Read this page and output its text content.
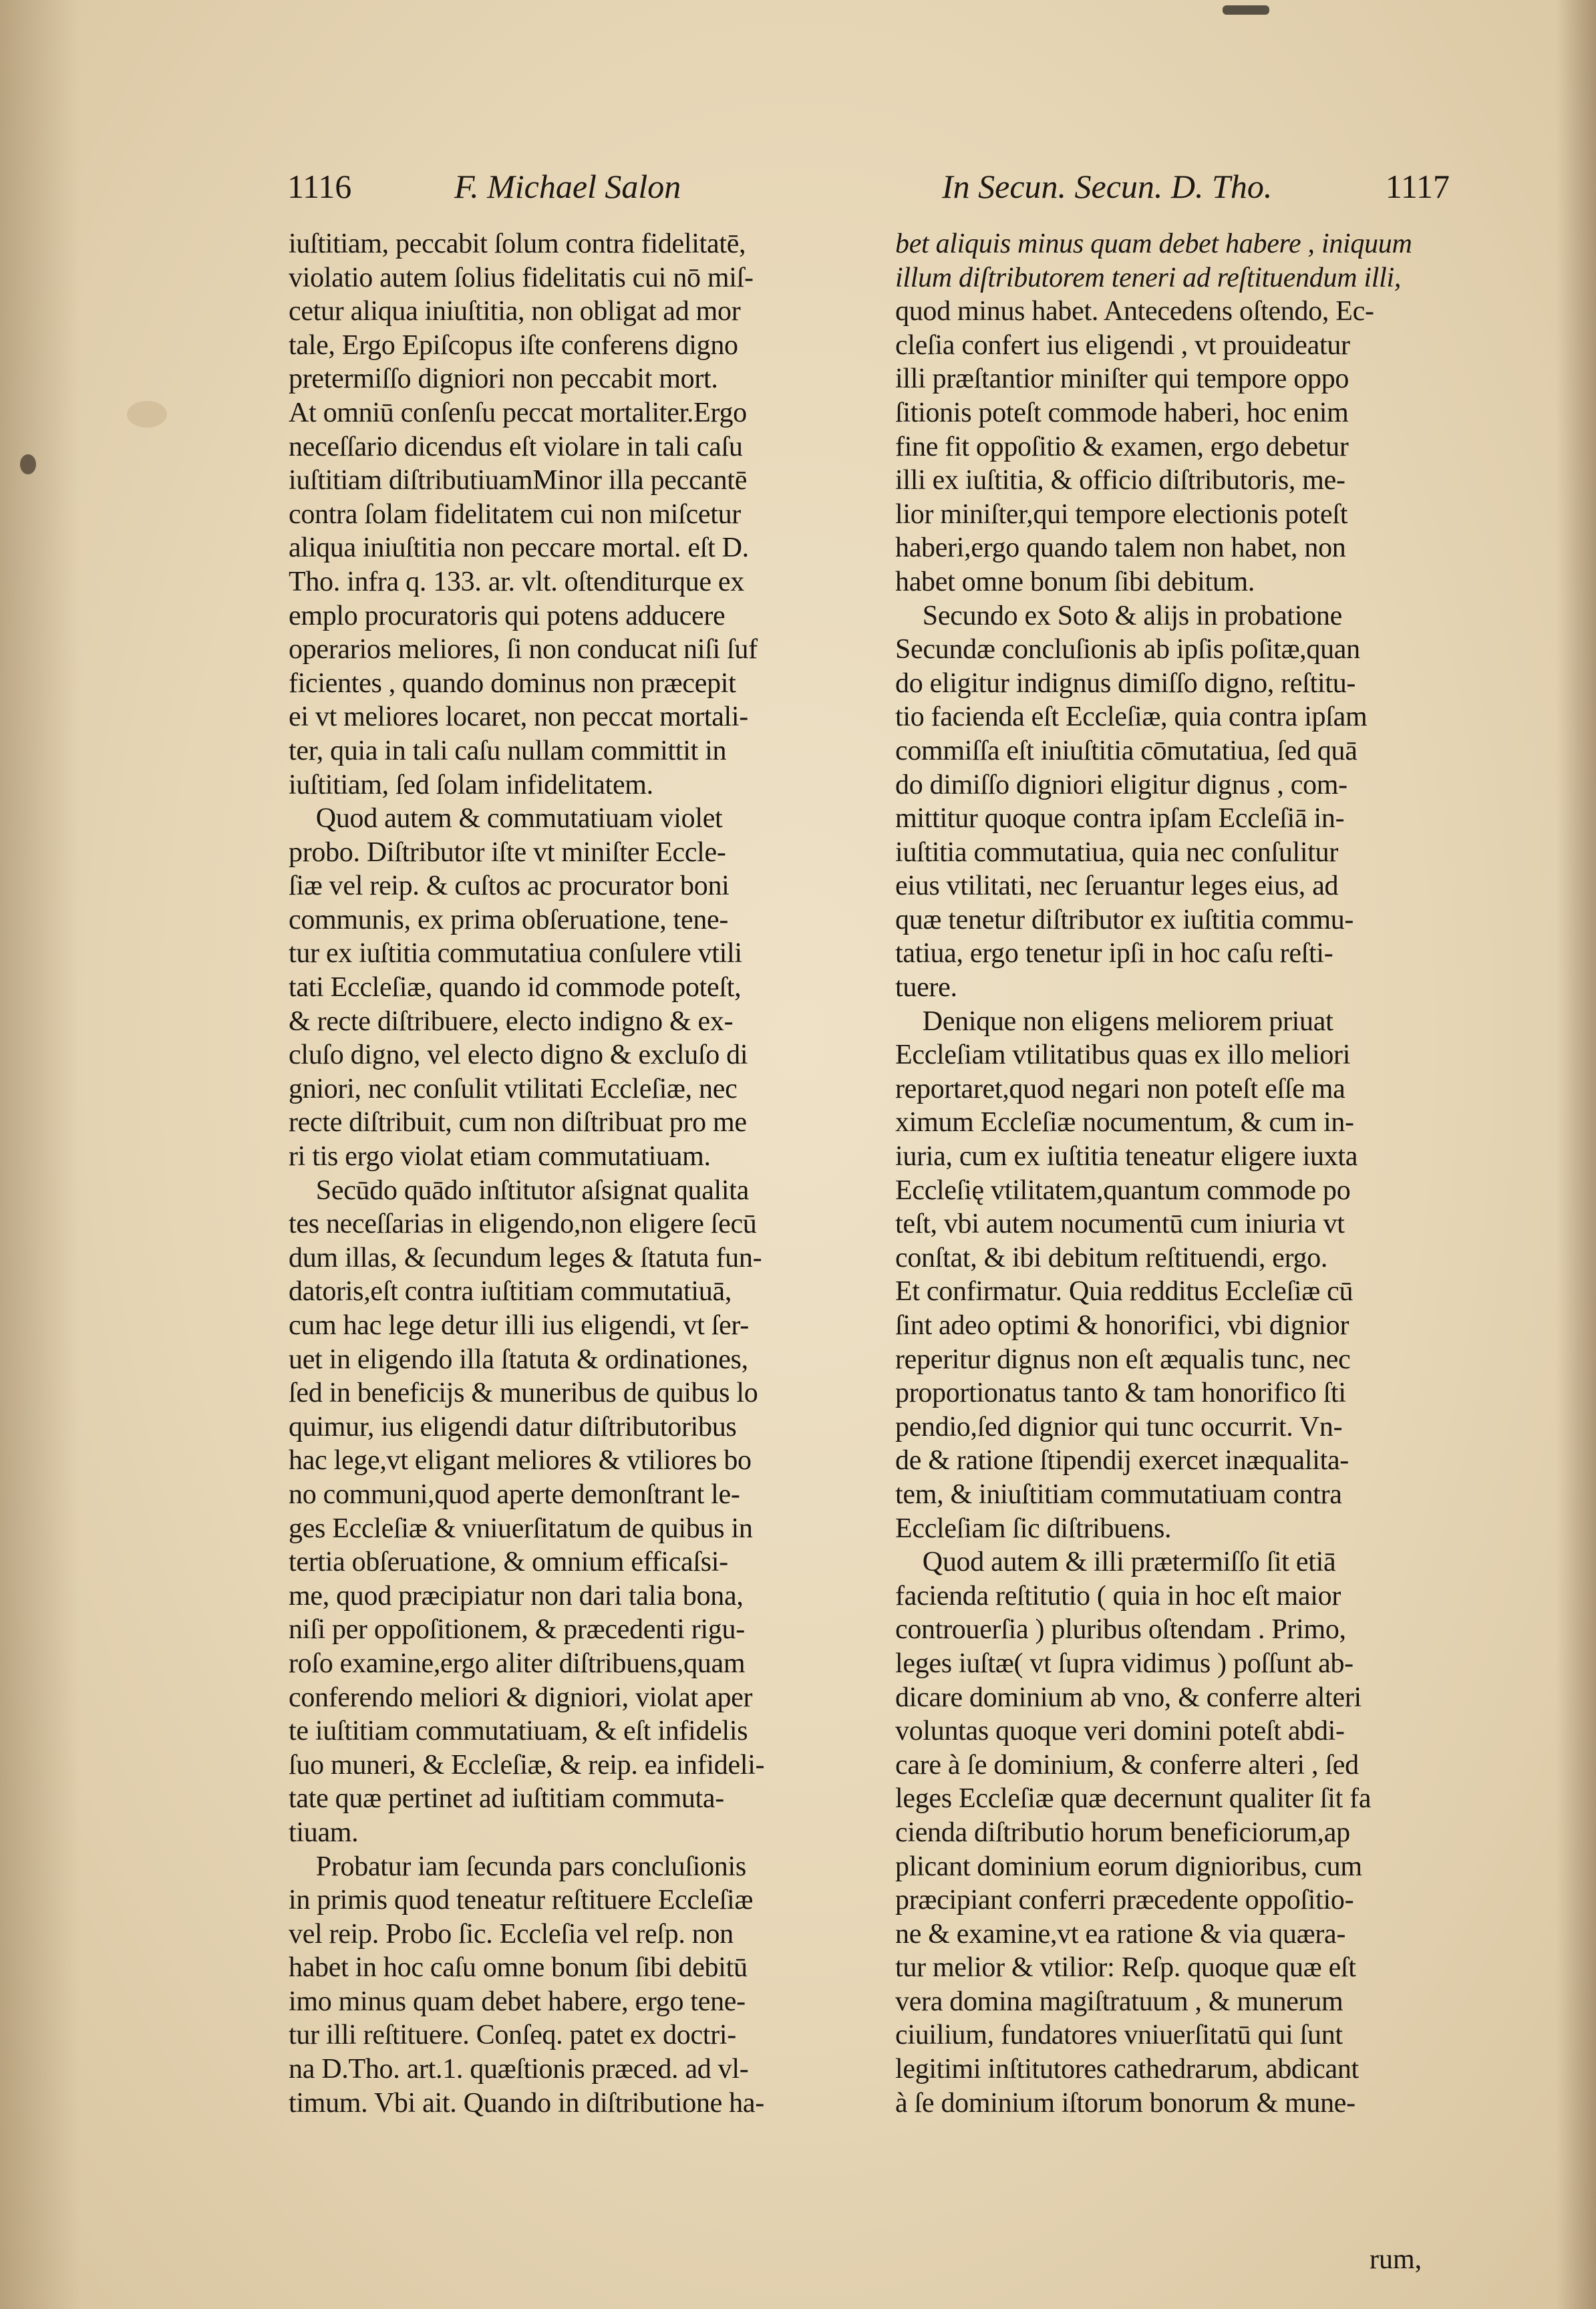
1116	F. Michael Salon	In Secun. Secun. D. Tho.	1117
iuſtitiam, peccabit ſolum contra fidelitatē,
violatio autem ſolius fidelitatis cui nō miſ-
cetur aliqua iniuſtitia, non obligat ad mor
tale, Ergo Epiſcopus iſte conferens digno
pretermiſſo digniori non peccabit mort.
At omniū conſenſu peccat mortaliter.Ergo
neceſſario dicendus eſt violare in tali caſu
iuſtitiam diſtributiuamMinor illa peccantē
contra ſolam fidelitatem cui non miſcetur
aliqua iniuſtitia non peccare mortal. eſt D.
Tho. infra q. 133. ar. vlt. oſtenditurque ex
emplo procuratoris qui potens adducere
operarios meliores, ſi non conducat niſi ſuf
ficientes , quando dominus non præcepit
ei vt meliores locaret, non peccat mortali-
ter, quia in tali caſu nullam committit in
iuſtitiam, ſed ſolam infidelitatem.
Quod autem & commutatiuam violet
probo. Diſtributor iſte vt miniſter Eccle-
ſiæ vel reip. & cuſtos ac procurator boni
communis, ex prima obſeruatione, tene-
tur ex iuſtitia commutatiua conſulere vtili
tati Eccleſiæ, quando id commode poteſt,
& recte diſtribuere, electo indigno & ex-
cluſo digno, vel electo digno & excluſo di
gniori, nec conſulit vtilitati Eccleſiæ, nec
recte diſtribuit, cum non diſtribuat pro me
ri tis ergo violat etiam commutatiuam.
Secūdo quādo inſtitutor aſsignat qualita
tes neceſſarias in eligendo,non eligere ſecū
dum illas, & ſecundum leges & ſtatuta fun-
datoris,eſt contra iuſtitiam commutatiuā,
cum hac lege detur illi ius eligendi, vt ſer-
uet in eligendo illa ſtatuta & ordinationes,
ſed in beneficijs & muneribus de quibus lo
quimur, ius eligendi datur diſtributoribus
hac lege,vt eligant meliores & vtiliores bo
no communi,quod aperte demonſtrant le-
ges Eccleſiæ & vniuerſitatum de quibus in
tertia obſeruatione, & omnium efficaſsi-
me, quod præcipiatur non dari talia bona,
niſi per oppoſitionem, & præcedenti rigu-
roſo examine,ergo aliter diſtribuens,quam
conferendo meliori & digniori, violat aper
te iuſtitiam commutatiuam, & eſt infidelis
ſuo muneri, & Eccleſiæ, & reip. ea infideli-
tate quæ pertinet ad iuſtitiam commuta-
tiuam.
Probatur iam ſecunda pars concluſionis
in primis quod teneatur reſtituere Eccleſiæ
vel reip. Probo ſic. Eccleſia vel reſp. non
habet in hoc caſu omne bonum ſibi debitū
imo minus quam debet habere, ergo tene-
tur illi reſtituere. Conſeq. patet ex doctri-
na D.Tho. art.1. quæſtionis præced. ad vl-
timum. Vbi ait. Quando in diſtributione ha-
bet aliquis minus quam debet habere , iniquum
illum diſtributorem teneri ad reſtituendum illi,
quod minus habet. Antecedens oſtendo, Ec-
cleſia confert ius eligendi , vt prouideatur
illi præſtantior miniſter qui tempore oppo
ſitionis poteſt commode haberi, hoc enim
fine fit oppoſitio & examen, ergo debetur
illi ex iuſtitia, & officio diſtributoris, me-
lior miniſter,qui tempore electionis poteſt
haberi,ergo quando talem non habet, non
habet omne bonum ſibi debitum.
Secundo ex Soto & alijs in probatione
Secundæ concluſionis ab ipſis poſitæ,quan
do eligitur indignus dimiſſo digno, reſtitu-
tio facienda eſt Eccleſiæ, quia contra ipſam
commiſſa eſt iniuſtitia cōmutatiua, ſed quā
do dimiſſo digniori eligitur dignus , com-
mittitur quoque contra ipſam Eccleſiā in-
iuſtitia commutatiua, quia nec conſulitur
eius vtilitati, nec ſeruantur leges eius, ad
quæ tenetur diſtributor ex iuſtitia commu-
tatiua, ergo tenetur ipſi in hoc caſu reſti-
tuere.
Denique non eligens meliorem priuat
Eccleſiam vtilitatibus quas ex illo meliori
reportaret,quod negari non poteſt eſſe ma
ximum Eccleſiæ nocumentum, & cum in-
iuria, cum ex iuſtitia teneatur eligere iuxta
Eccleſię vtilitatem,quantum commode po
teſt, vbi autem nocumentū cum iniuria vt
conſtat, & ibi debitum reſtituendi, ergo.
Et confirmatur. Quia redditus Eccleſiæ cū
ſint adeo optimi & honorifici, vbi dignior
reperitur dignus non eſt æqualis tunc, nec
proportionatus tanto & tam honorifico ſti
pendio,ſed dignior qui tunc occurrit. Vn-
de & ratione ſtipendij exercet inæqualita-
tem, & iniuſtitiam commutatiuam contra
Eccleſiam ſic diſtribuens.
Quod autem & illi prætermiſſo ſit etiā
facienda reſtitutio ( quia in hoc eſt maior
controuerſia ) pluribus oſtendam . Primo,
leges iuſtæ( vt ſupra vidimus ) poſſunt ab-
dicare dominium ab vno, & conferre alteri
voluntas quoque veri domini poteſt abdi-
care à ſe dominium, & conferre alteri , ſed
leges Eccleſiæ quæ decernunt qualiter ſit fa
cienda diſtributio horum beneficiorum,ap
plicant dominium eorum dignioribus, cum
præcipiant conferri præcedente oppoſitio-
ne & examine,vt ea ratione & via quæra-
tur melior & vtilior: Reſp. quoque quæ eſt
vera domina magiſtratuum , & munerum
ciuilium, fundatores vniuerſitatū qui ſunt
legitimi inſtitutores cathedrarum, abdicant
à ſe dominium iſtorum bonorum & mune-
rum,
